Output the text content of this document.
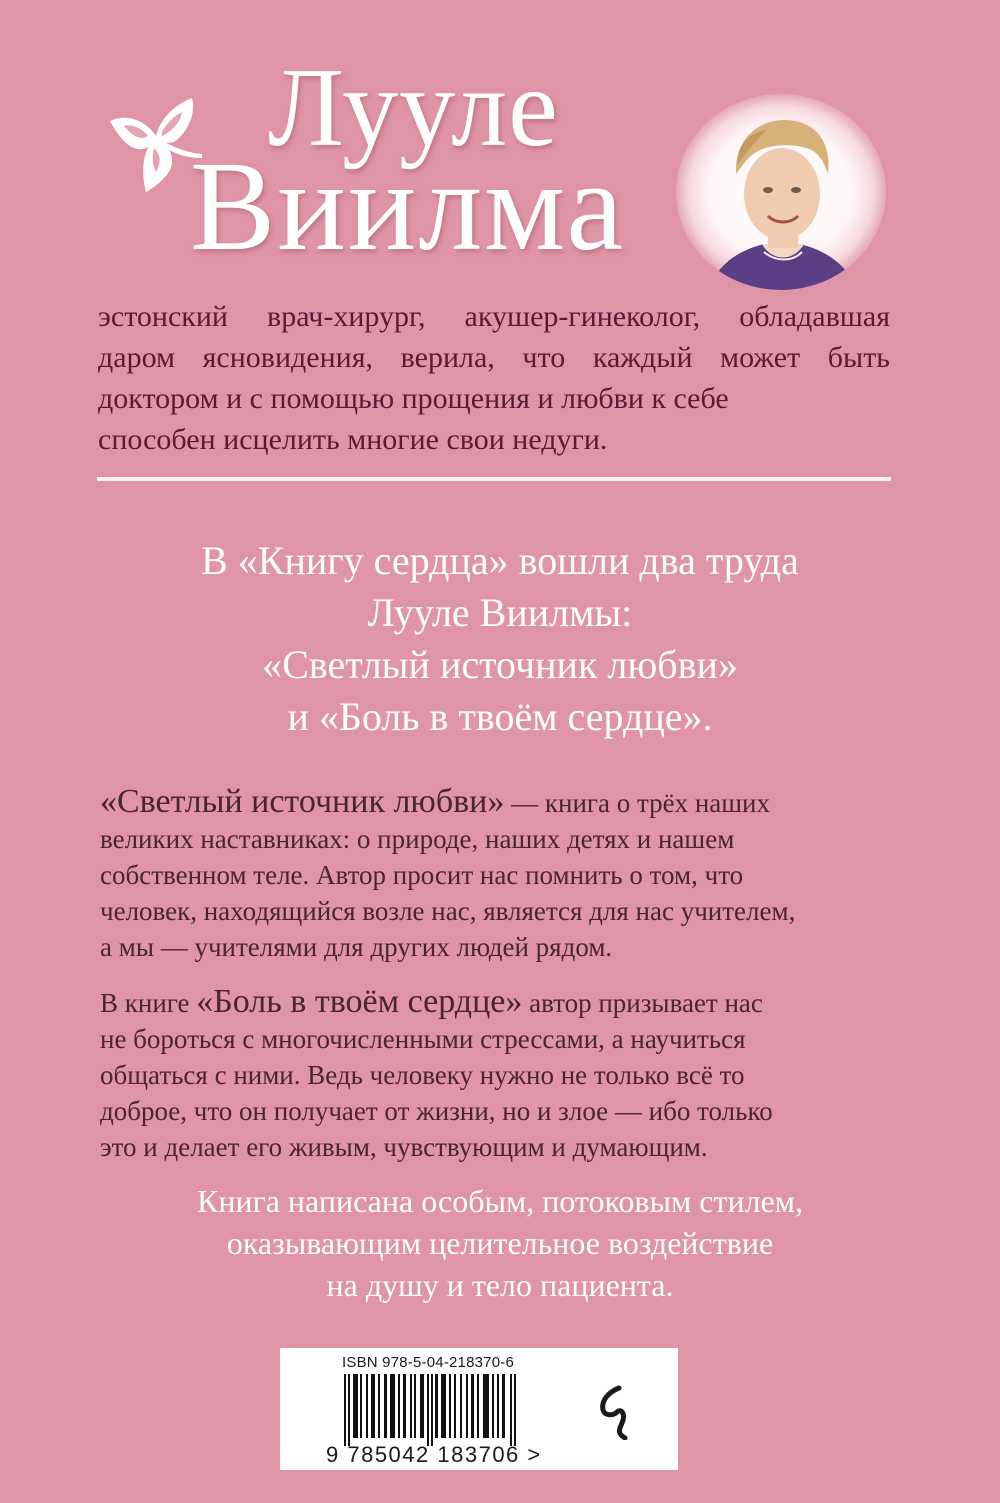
Лууле
Виилма
эстонский врач-хирург, акушер-гинеколог, обладавшая
даром ясновидения, верила, что каждый может быть
доктором и с помощью прощения и любви к себе
способен исцелить многие свои недуги.
В «Книгу сердца» вошли два труда
Лууле Виилмы:
«Светлый источник любви»
и «Боль в твоём сердце».
«Светлый источник любви» — книга о трёх наших
великих наставниках: о природе, наших детях и нашем
собственном теле. Автор просит нас помнить о том, что
человек, находящийся возле нас, является для нас учителем,
а мы — учителями для других людей рядом.
В книге «Боль в твоём сердце» автор призывает нас
не бороться с многочисленными стрессами, а научиться
общаться с ними. Ведь человеку нужно не только всё то
доброе, что он получает от жизни, но и злое — ибо только
это и делает его живым, чувствующим и думающим.
Книга написана особым, потоковым стилем,
оказывающим целительное воздействие
на душу и тело пациента.
ISBN 978-5-04-218370-6
9 785042 183706 >
